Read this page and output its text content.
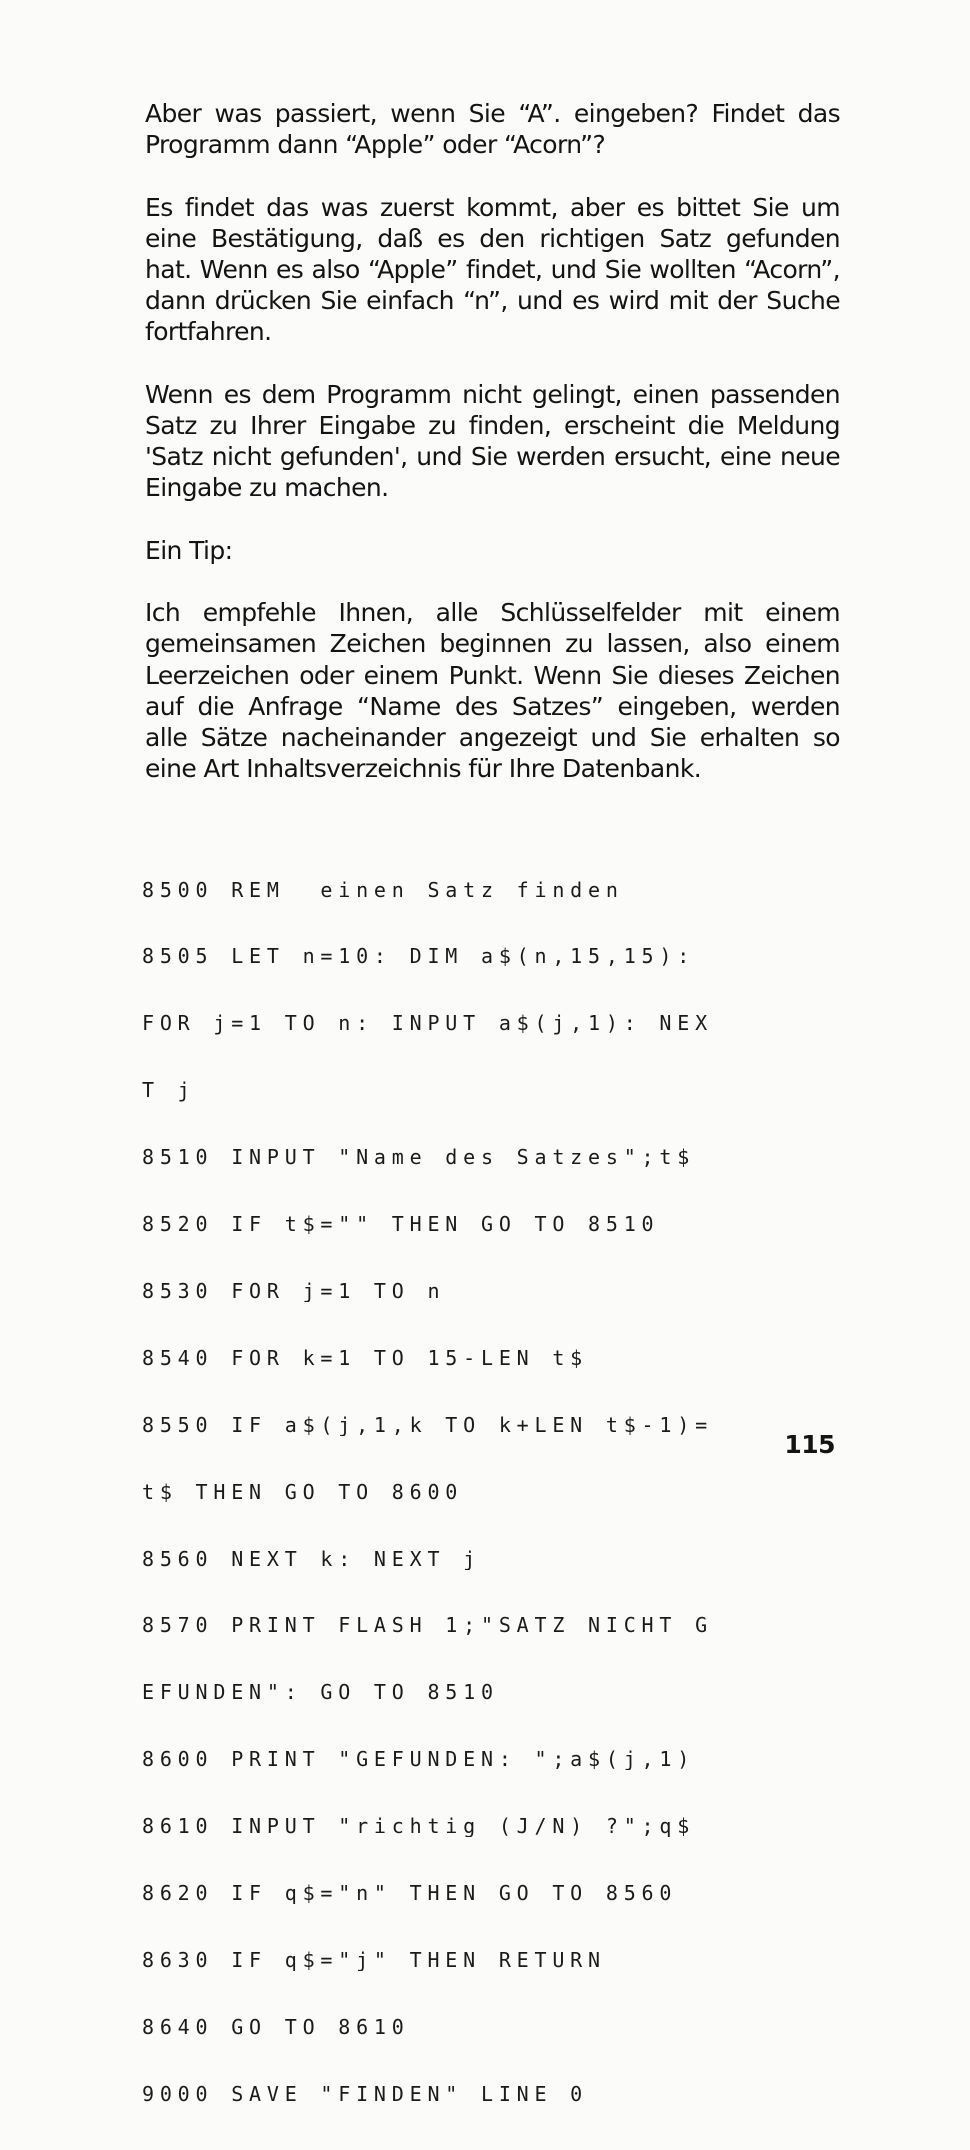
Aber was passiert, wenn Sie “A”. eingeben? Findet das Programm dann “Apple” oder “Acorn”?

Es findet das was zuerst kommt, aber es bittet Sie um eine Bestätigung, daß es den richtigen Satz gefunden hat. Wenn es also “Apple” findet, und Sie wollten “Acorn”, dann drücken Sie einfach “n”, und es wird mit der Suche fortfahren.

Wenn es dem Programm nicht gelingt, einen passenden Satz zu Ihrer Eingabe zu finden, erscheint die Meldung 'Satz nicht gefunden', und Sie werden ersucht, eine neue Eingabe zu machen.

Ein Tip:

Ich empfehle Ihnen, alle Schlüsselfelder mit einem gemeinsamen Zeichen beginnen zu lassen, also einem Leerzeichen oder einem Punkt. Wenn Sie dieses Zeichen auf die Anfrage “Name des Satzes” eingeben, werden alle Sätze nacheinander angezeigt und Sie erhalten so eine Art Inhaltsverzeichnis für Ihre Datenbank.

8500 REM  einen Satz finden

8505 LET n=10: DIM a$(n,15,15):

FOR j=1 TO n: INPUT a$(j,1): NEX

T j

8510 INPUT "Name des Satzes";t$

8520 IF t$="" THEN GO TO 8510

8530 FOR j=1 TO n

8540 FOR k=1 TO 15-LEN t$

8550 IF a$(j,1,k TO k+LEN t$-1)=

t$ THEN GO TO 8600

8560 NEXT k: NEXT j

8570 PRINT FLASH 1;"SATZ NICHT G

EFUNDEN": GO TO 8510

8600 PRINT "GEFUNDEN: ";a$(j,1)

8610 INPUT "richtig (J/N) ?";q$

8620 IF q$="n" THEN GO TO 8560

8630 IF q$="j" THEN RETURN

8640 GO TO 8610

9000 SAVE "FINDEN" LINE 0

115
